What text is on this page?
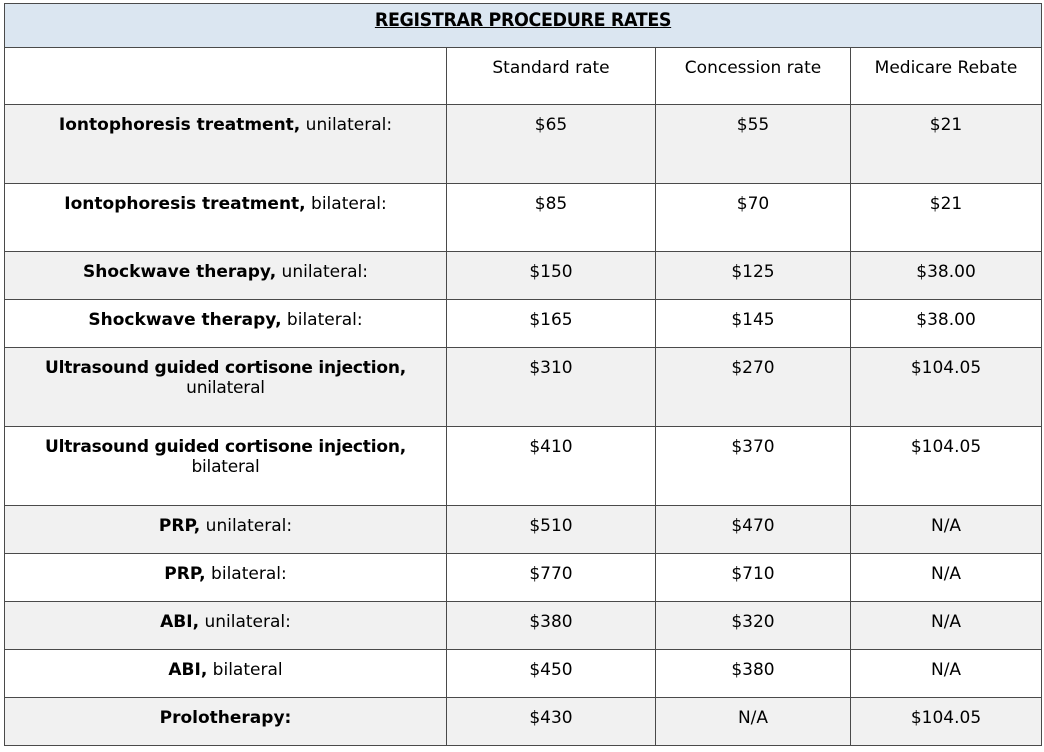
REGISTRAR PROCEDURE RATES			
	Standard rate	Concession rate	Medicare Rebate
Iontophoresis treatment, unilateral:	$65	$55	$21
Iontophoresis treatment, bilateral:	$85	$70	$21
Shockwave therapy, unilateral:	$150	$125	$38.00
Shockwave therapy, bilateral:	$165	$145	$38.00
Ultrasound guided cortisone injection, unilateral	$310	$270	$104.05
Ultrasound guided cortisone injection, bilateral	$410	$370	$104.05
PRP, unilateral:	$510	$470	N/A
PRP, bilateral:	$770	$710	N/A
ABI, unilateral:	$380	$320	N/A
ABI, bilateral	$450	$380	N/A
Prolotherapy:	$430	N/A	$104.05
